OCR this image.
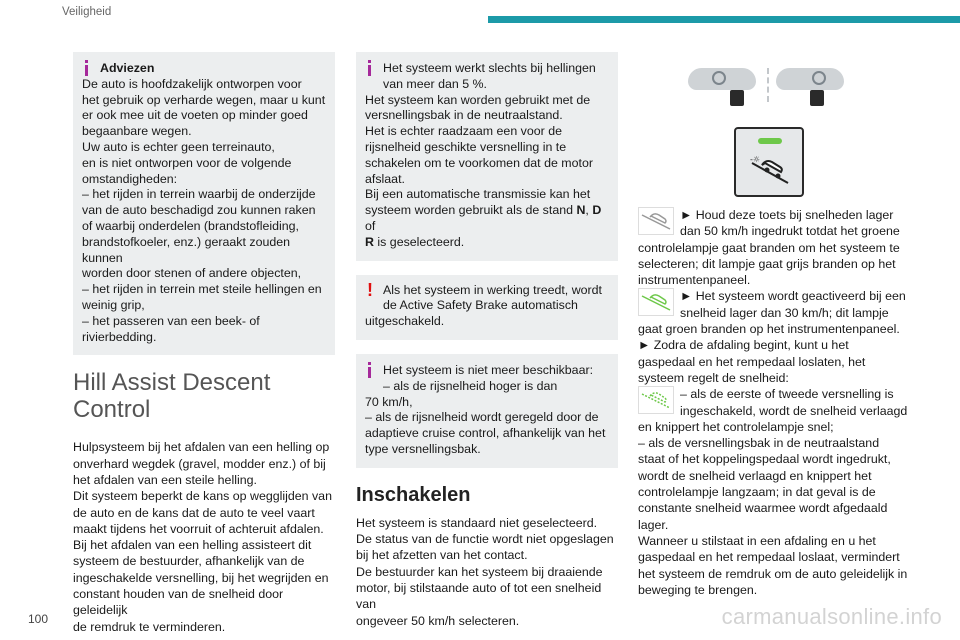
Veiligheid
Adviezen
De auto is hoofdzakelijk ontworpen voor
het gebruik op verharde wegen, maar u kunt
er ook mee uit de voeten op minder goed
begaanbare wegen.
Uw auto is echter geen terreinauto,
en is niet ontworpen voor de volgende
omstandigheden:
– het rijden in terrein waarbij de onderzijde
van de auto beschadigd zou kunnen raken
of waarbij onderdelen (brandstofleiding,
brandstofkoeler, enz.) geraakt zouden kunnen
worden door stenen of andere objecten,
– het rijden in terrein met steile hellingen en
weinig grip,
– het passeren van een beek- of
rivierbedding.
Hill Assist Descent Control
Hulpsysteem bij het afdalen van een helling op
onverhard wegdek (gravel, modder enz.) of bij
het afdalen van een steile helling.
Dit systeem beperkt de kans op wegglijden van
de auto en de kans dat de auto te veel vaart
maakt tijdens het voorruit of achteruit afdalen.
Bij het afdalen van een helling assisteert dit
systeem de bestuurder, afhankelijk van de
ingeschakelde versnelling, bij het wegrijden en
constant houden van de snelheid door geleidelijk
de remdruk te verminderen.
Het systeem werkt slechts bij hellingen
van meer dan 5 %.
Het systeem kan worden gebruikt met de
versnellingsbak in de neutraalstand.
Het is echter raadzaam een voor de
rijsnelheid geschikte versnelling in te
schakelen om te voorkomen dat de motor
afslaat.
Bij een automatische transmissie kan het
systeem worden gebruikt als de stand N, D of
R is geselecteerd.
! Als het systeem in werking treedt, wordt
de Active Safety Brake automatisch
uitgeschakeld.
Het systeem is niet meer beschikbaar:
– als de rijsnelheid hoger is dan
70 km/h,
– als de rijsnelheid wordt geregeld door de
adaptieve cruise control, afhankelijk van het
type versnellingsbak.
Inschakelen
Het systeem is standaard niet geselecteerd.
De status van de functie wordt niet opgeslagen
bij het afzetten van het contact.
De bestuurder kan het systeem bij draaiende
motor, bij stilstaande auto of tot een snelheid van
ongeveer 50 km/h selecteren.
-☼
► Houd deze toets bij snelheden lager
dan 50 km/h ingedrukt totdat het groene
controlelampje gaat branden om het systeem te
selecteren; dit lampje gaat grijs branden op het
instrumentenpaneel.
► Het systeem wordt geactiveerd bij een
snelheid lager dan 30 km/h; dit lampje
gaat groen branden op het instrumentenpaneel.
► Zodra de afdaling begint, kunt u het
gaspedaal en het rempedaal loslaten, het
systeem regelt de snelheid:
– als de eerste of tweede versnelling is
ingeschakeld, wordt de snelheid verlaagd
en knippert het controlelampje snel;
– als de versnellingsbak in de neutraalstand
staat of het koppelingspedaal wordt ingedrukt,
wordt de snelheid verlaagd en knippert het
controlelampje langzaam; in dat geval is de
constante snelheid waarmee wordt afgedaald
lager.
Wanneer u stilstaat in een afdaling en u het
gaspedaal en het rempedaal loslaat, vermindert
het systeem de remdruk om de auto geleidelijk in
beweging te brengen.
100	carmanualsonline.info
